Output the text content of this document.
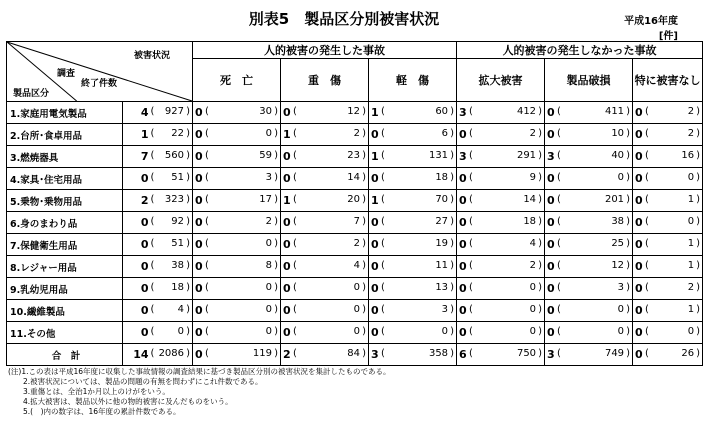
別表5　製品区分別被害状況	平成16年度
[件]
被害状況
調査
終了件数
製品区分			人的被害の発生した事故			人的被害の発生しなかった事故		
			死　亡	重　傷	軽　傷	拡大被害	製品破損	特に被害なし
1.家庭用電気製品	4	( 927 )	0 ( 30 )	0 ( 12 )	1 ( 60 )	3 ( 412 )	0 ( 411 )	0 ( 2 )

2.台所･食卓用品	1	( 22 )	0 ( 0 )	1 ( 2 )	0 ( 6 )	0 ( 2 )	0 ( 10 )	0 ( 2 )

3.燃焼器具	7	( 560 )	0 ( 59 )	0 ( 23 )	1 ( 131 )	3 ( 291 )	3 ( 40 )	0 ( 16 )

4.家具･住宅用品	0	( 51 )	0 ( 3 )	0 ( 14 )	0 ( 18 )	0 ( 9 )	0 ( 0 )	0 ( 0 )

5.乗物･乗物用品	2	( 323 )	0 ( 17 )	1 ( 20 )	1 ( 70 )	0 ( 14 )	0 ( 201 )	0 ( 1 )

6.身のまわり品	0	( 92 )	0 ( 2 )	0 ( 7 )	0 ( 27 )	0 ( 18 )	0 ( 38 )	0 ( 0 )

7.保健衛生用品	0	( 51 )	0 ( 0 )	0 ( 2 )	0 ( 19 )	0 ( 4 )	0 ( 25 )	0 ( 1 )

8.レジャー用品	0	( 38 )	0 ( 8 )	0 ( 4 )	0 ( 11 )	0 ( 2 )	0 ( 12 )	0 ( 1 )

9.乳幼児用品	0	( 18 )	0 ( 0 )	0 ( 0 )	0 ( 13 )	0 ( 0 )	0 ( 3 )	0 ( 2 )

10.繊維製品	0	( 4 )	0 ( 0 )	0 ( 0 )	0 ( 3 )	0 ( 0 )	0 ( 0 )	0 ( 1 )

11.その他	0	( 0 )	0 ( 0 )	0 ( 0 )	0 ( 0 )	0 ( 0 )	0 ( 0 )	0 ( 0 )

合　計	14	( 2086 )	0 ( 119 )	2 ( 84 )	3 ( 358 )	6 ( 750 )	3 ( 749 )	0 ( 26 )
(注)1.この表は平成16年度に収集した事故情報の調査結果に基づき製品区分別の被害状況を集計したものである。
　　2.被害状況については、製品の問題の有無を問わずにこれ件数である。
　　3.重傷とは、全治1か月以上のけがをいう。
　　4.拡大被害は、製品以外に他の物的被害に及んだものをいう。
　　5.(　)内の数字は、16年度の累計件数である。
